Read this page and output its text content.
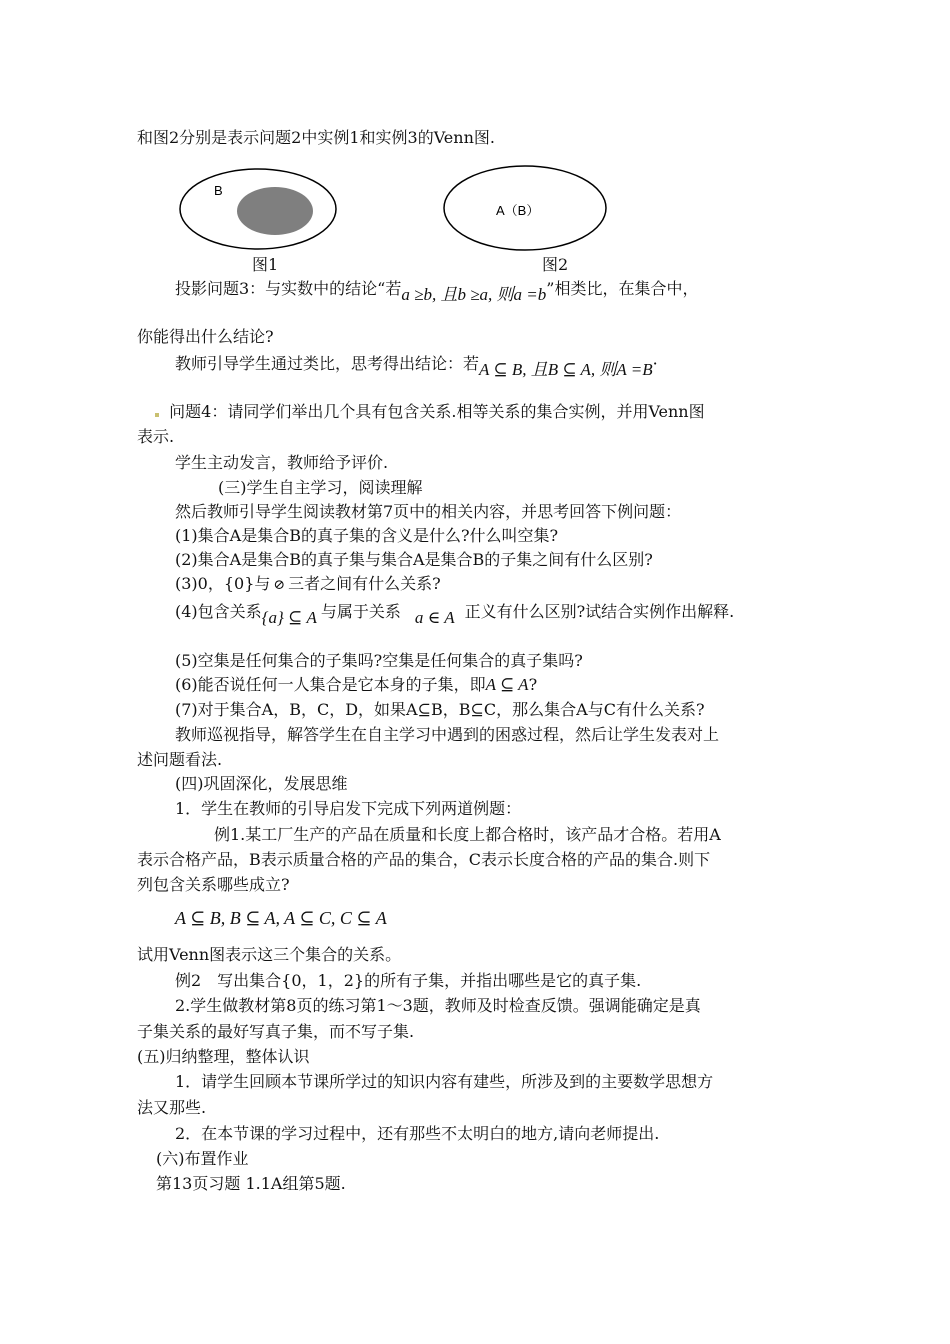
和图2分别是表示问题2中实例1和实例3的Venn图.
B
图1
A（B）
图2
投影问题3：与实数中的结论“若a ≥b, 且b ≥a, 则a =b”相类比，在集合中，
你能得出什么结论?
教师引导学生通过类比，思考得出结论：若A ⊆ B, 且B ⊆ A, 则A =B·
问题4：请同学们举出几个具有包含关系.相等关系的集合实例，并用Venn图
表示.
学生主动发言，教师给予评价.
(三)学生自主学习，阅读理解
然后教师引导学生阅读教材第7页中的相关内容，并思考回答下例问题：
(1)集合A是集合B的真子集的含义是什么?什么叫空集?
(2)集合A是集合B的真子集与集合A是集合B的子集之间有什么区别?
(3)0，{0}与 ⊘ 三者之间有什么关系?
(4)包含关系{a} ⊆ A 与属于关系 a ∈ A 正义有什么区别?试结合实例作出解释.
(5)空集是任何集合的子集吗?空集是任何集合的真子集吗?
(6)能否说任何一人集合是它本身的子集，即A ⊆ A?
(7)对于集合A，B，C，D，如果A⊆B，B⊆C，那么集合A与C有什么关系?
教师巡视指导，解答学生在自主学习中遇到的困惑过程，然后让学生发表对上
述问题看法.
(四)巩固深化，发展思维
1．学生在教师的引导启发下完成下列两道例题：
例1.某工厂生产的产品在质量和长度上都合格时，该产品才合格。若用A
表示合格产品，B表示质量合格的产品的集合，C表示长度合格的产品的集合.则下
列包含关系哪些成立?
A ⊆ B, B ⊆ A, A ⊆ C, C ⊆ A
试用Venn图表示这三个集合的关系。
例2　写出集合{0，1，2}的所有子集，并指出哪些是它的真子集.
2.学生做教材第8页的练习第1～3题，教师及时检查反馈。强调能确定是真
子集关系的最好写真子集，而不写子集.
(五)归纳整理，整体认识
1．请学生回顾本节课所学过的知识内容有建些，所涉及到的主要数学思想方
法又那些.
2．在本节课的学习过程中，还有那些不太明白的地方,请向老师提出.
(六)布置作业
第13页习题 1.1A组第5题.
